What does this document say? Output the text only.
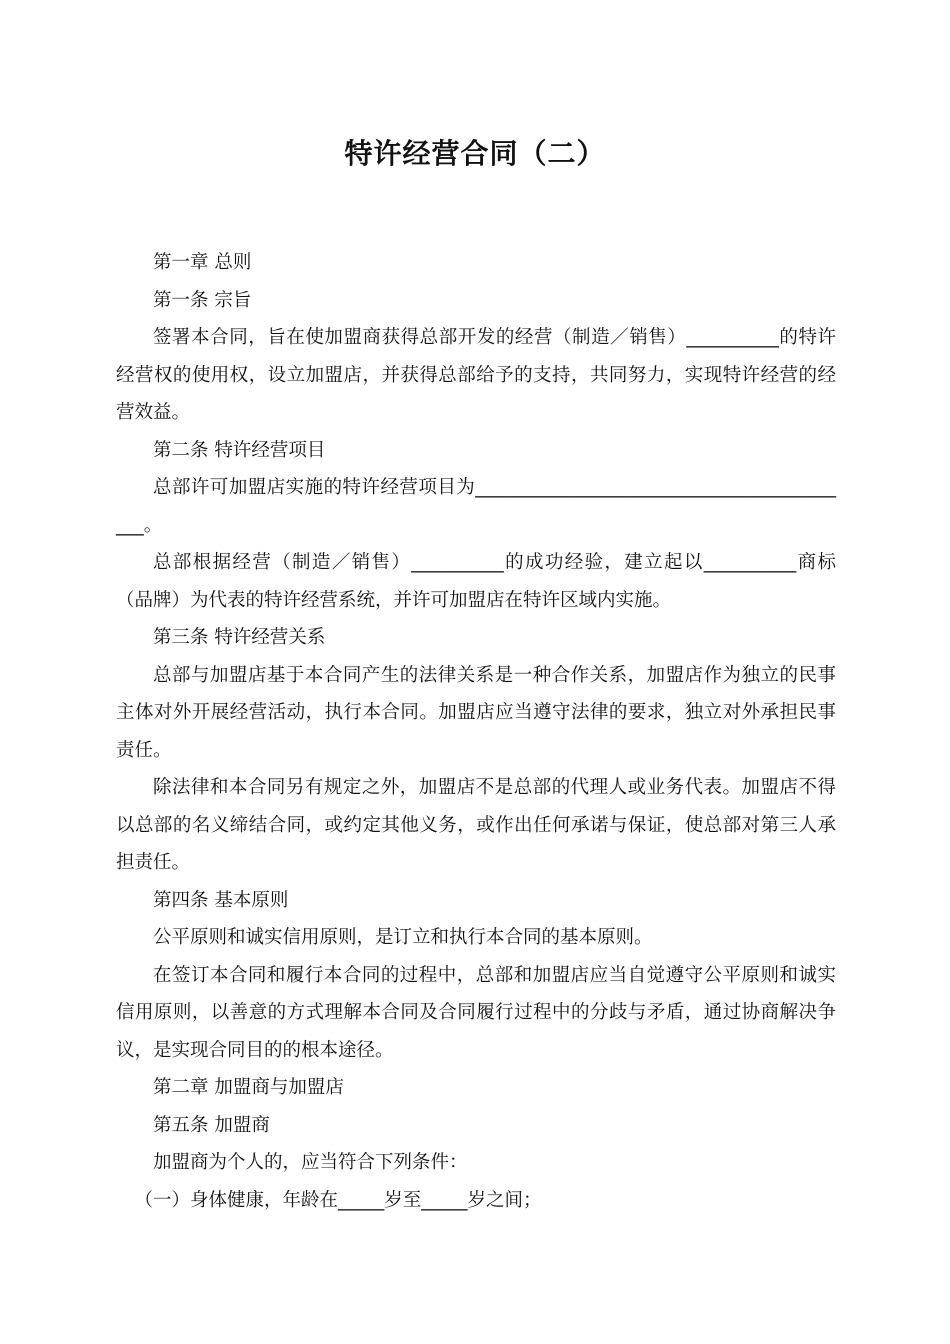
特许经营合同（二）

第一章 总则

第一条 宗旨

签署本合同，旨在使加盟商获得总部开发的经营（制造／销售）__________的特许经营权的使用权，设立加盟店，并获得总部给予的支持，共同努力，实现特许经营的经营效益。

第二条 特许经营项目

总部许可加盟店实施的特许经营项目为__________________________________________。

总部根据经营（制造／销售）__________的成功经验，建立起以__________商标（品牌）为代表的特许经营系统，并许可加盟店在特许区域内实施。

第三条 特许经营关系

总部与加盟店基于本合同产生的法律关系是一种合作关系，加盟店作为独立的民事主体对外开展经营活动，执行本合同。加盟店应当遵守法律的要求，独立对外承担民事责任。

除法律和本合同另有规定之外，加盟店不是总部的代理人或业务代表。加盟店不得以总部的名义缔结合同，或约定其他义务，或作出任何承诺与保证，使总部对第三人承担责任。

第四条 基本原则

公平原则和诚实信用原则，是订立和执行本合同的基本原则。

在签订本合同和履行本合同的过程中，总部和加盟店应当自觉遵守公平原则和诚实信用原则，以善意的方式理解本合同及合同履行过程中的分歧与矛盾，通过协商解决争议，是实现合同目的的根本途径。

第二章 加盟商与加盟店

第五条 加盟商

加盟商为个人的，应当符合下列条件：

（一）身体健康，年龄在_____岁至_____岁之间；
